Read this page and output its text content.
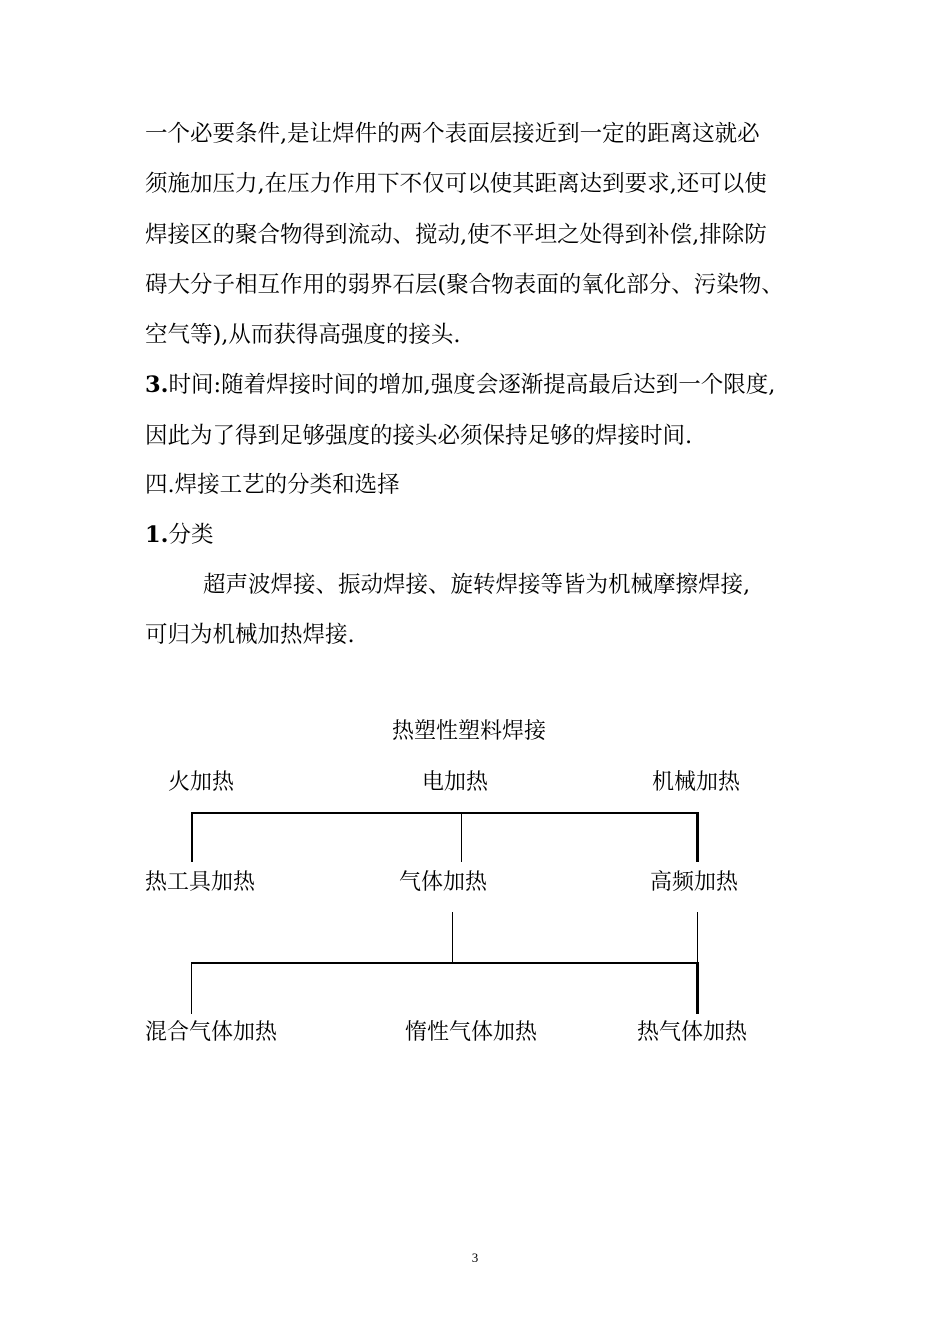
一个必要条件,是让焊件的两个表面层接近到一定的距离这就必
须施加压力,在压力作用下不仅可以使其距离达到要求,还可以使
焊接区的聚合物得到流动、搅动,使不平坦之处得到补偿,排除防
碍大分子相互作用的弱界石层(聚合物表面的氧化部分、污染物、
空气等),从而获得高强度的接头.
3.时间:随着焊接时间的增加,强度会逐渐提高最后达到一个限度,
因此为了得到足够强度的接头必须保持足够的焊接时间.
四.焊接工艺的分类和选择
1.分类
超声波焊接、振动焊接、旋转焊接等皆为机械摩擦焊接,
可归为机械加热焊接.
热塑性塑料焊接
火加热	电加热	机械加热
热工具加热	气体加热	高频加热
混合气体加热	惰性气体加热	热气体加热
3
